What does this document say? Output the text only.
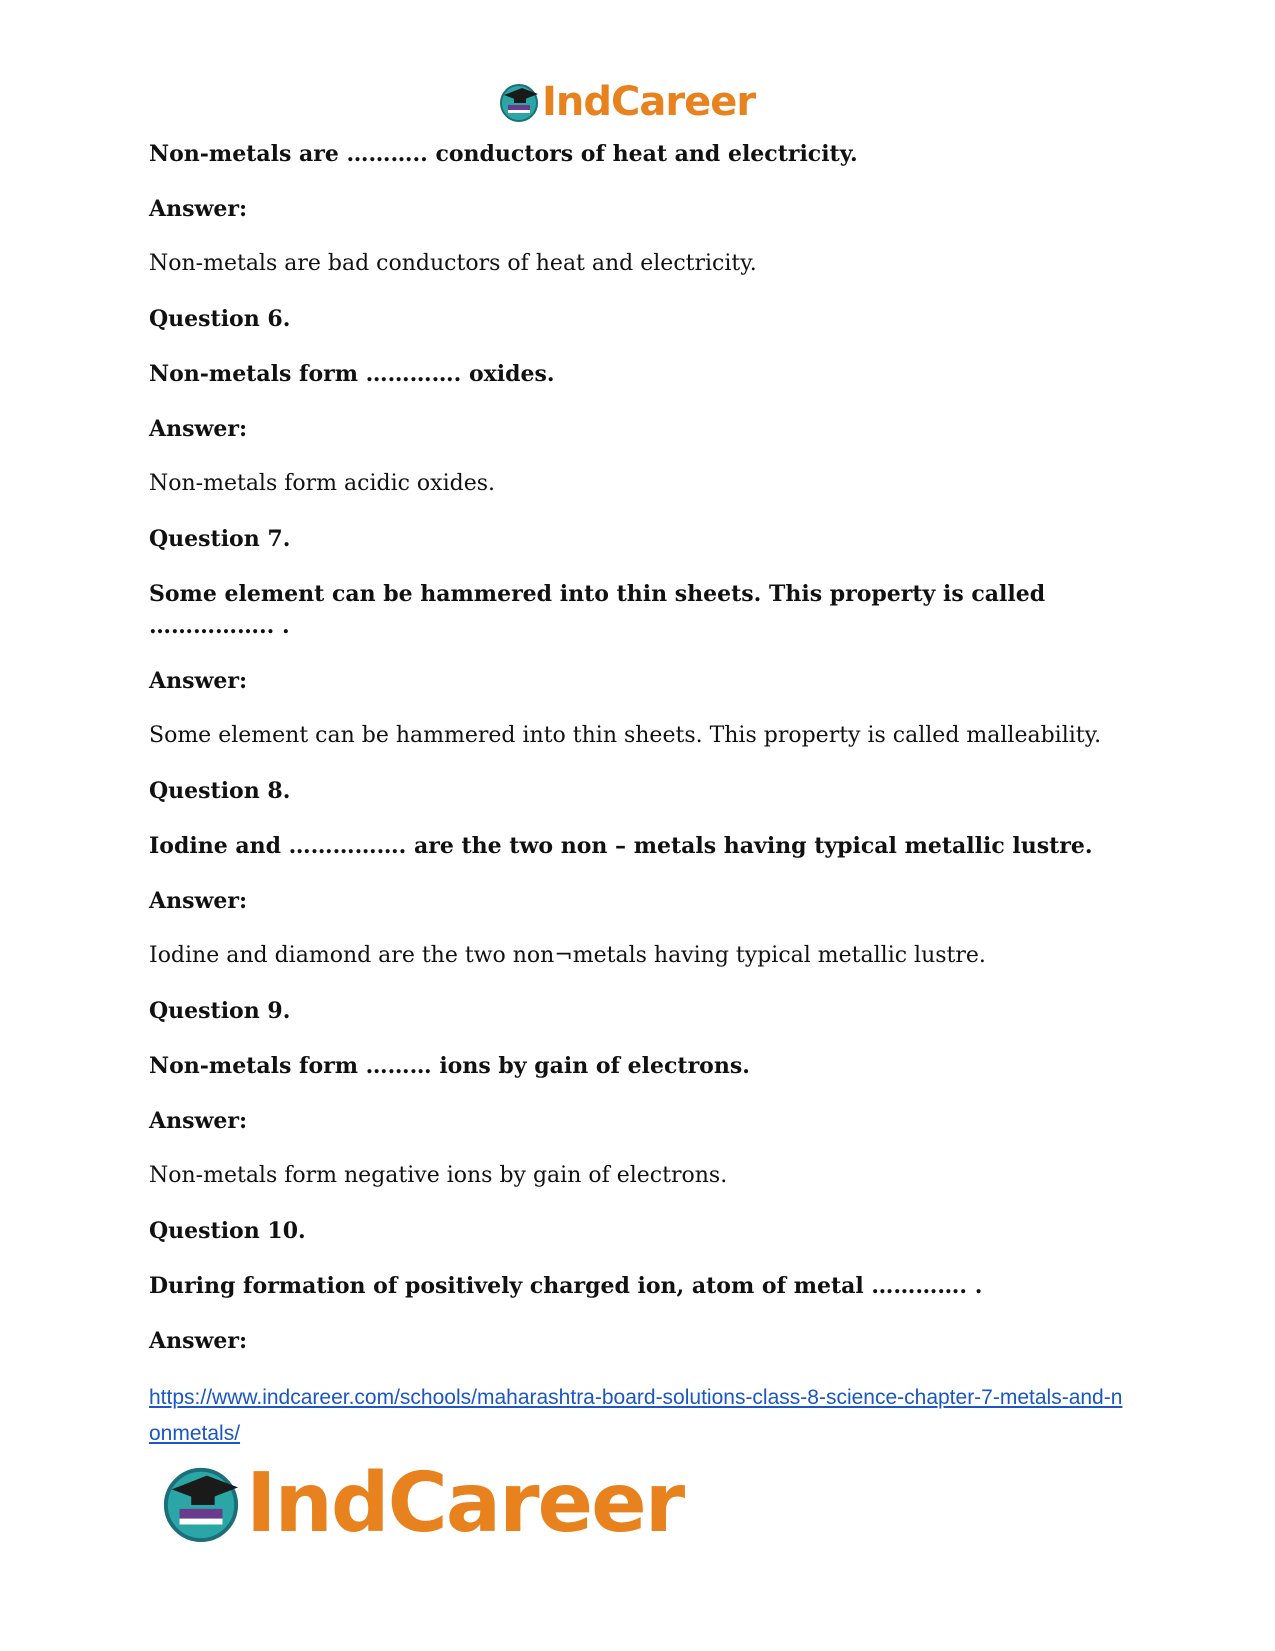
IndCareer
Non-metals are ……….. conductors of heat and electricity.
Answer:
Non-metals are bad conductors of heat and electricity.
Question 6.
Non-metals form …………. oxides.
Answer:
Non-metals form acidic oxides.
Question 7.
Some element can be hammered into thin sheets. This property is called …………….. .
Answer:
Some element can be hammered into thin sheets. This property is called malleability.
Question 8.
Iodine and ……………. are the two non – metals having typical metallic lustre.
Answer:
Iodine and diamond are the two non¬metals having typical metallic lustre.
Question 9.
Non-metals form ……… ions by gain of electrons.
Answer:
Non-metals form negative ions by gain of electrons.
Question 10.
During formation of positively charged ion, atom of metal …………. .
Answer:
https://www.indcareer.com/schools/maharashtra-board-solutions-class-8-science-chapter-7-metals-and-nonmetals/
IndCareer
